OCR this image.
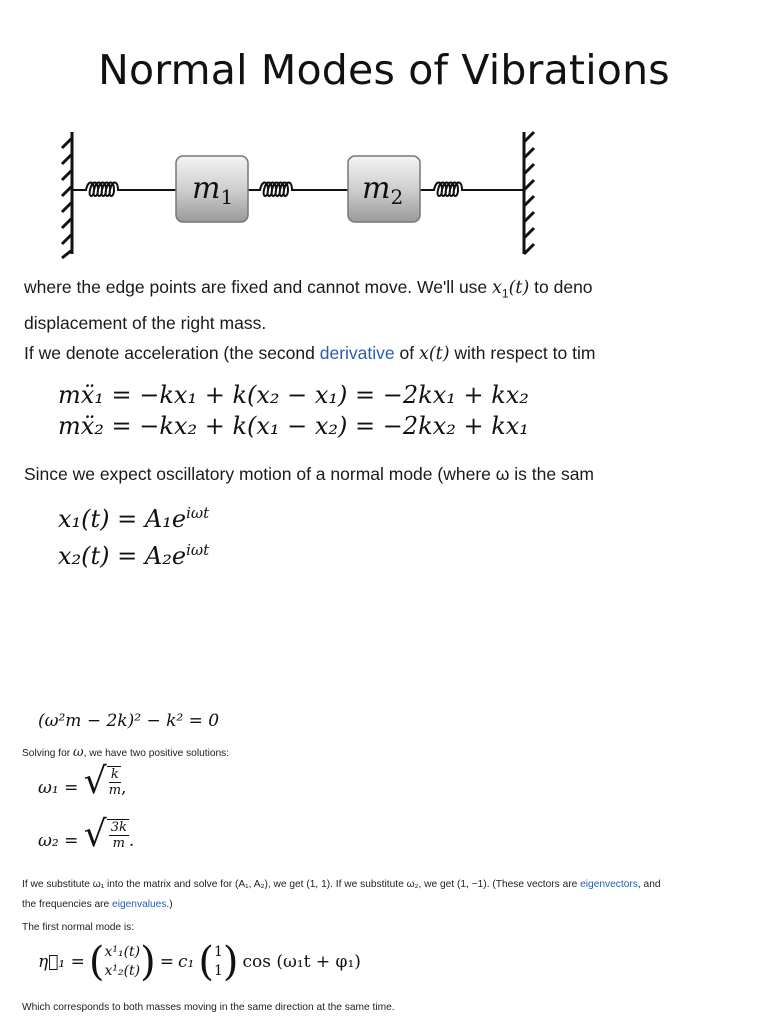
Normal Modes of Vibrations
$m_1$	$m_2$
where the edge points are fixed and cannot move. We'll use $x_1(t)$ to deno
displacement of the right mass.
If we denote acceleration (the second derivative of x(t) with respect to tim
mẍ₁ = −kx₁ + k(x₂ − x₁) = −2kx₁ + kx₂
mẍ₂ = −kx₂ + k(x₁ − x₂) = −2kx₂ + kx₁
Since we expect oscillatory motion of a normal mode (where ω is the sam
$x_1(t) = A_1e^{i\omega t}$
$x_2(t) = A_2e^{i\omega t}$
(ω²m − 2k)² − k² = 0
Solving for ω, we have two positive solutions:
ω₁ = √ $\frac{k}{m}$ ,
ω₂ = √ $\frac{3k}{m}$ .
If we substitute ω₁ into the matrix and solve for (A₁, A₂), we get (1, 1). If we substitute ω₂, we get (1, −1). (These vectors are eigenvectors, and
the frequencies are eigenvalues.)
The first normal mode is:
η⃗₁ = ( x¹₁(t)
x¹₂(t) ) = c₁ ( 1
1 ) cos (ω₁t + φ₁)
Which corresponds to both masses moving in the same direction at the same time.
